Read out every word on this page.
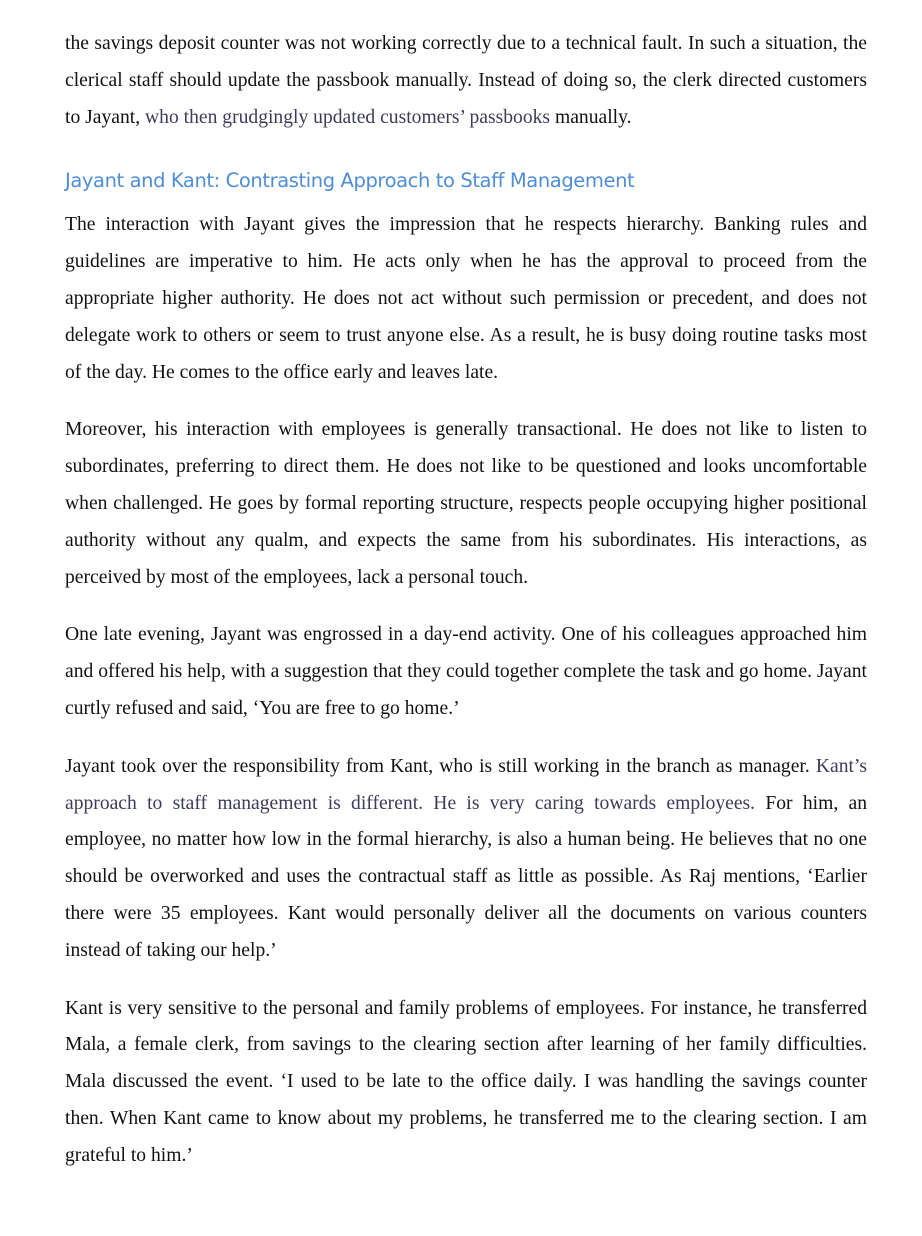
the savings deposit counter was not working correctly due to a technical fault. In such a situation, the clerical staff should update the passbook manually. Instead of doing so, the clerk directed customers to Jayant, who then grudgingly updated customers’ passbooks manually.

Jayant and Kant: Contrasting Approach to Staff Management

The interaction with Jayant gives the impression that he respects hierarchy. Banking rules and guidelines are imperative to him. He acts only when he has the approval to proceed from the appropriate higher authority. He does not act without such permission or precedent, and does not delegate work to others or seem to trust anyone else. As a result, he is busy doing routine tasks most of the day. He comes to the office early and leaves late.

Moreover, his interaction with employees is generally transactional. He does not like to listen to subordinates, preferring to direct them. He does not like to be questioned and looks uncomfortable when challenged. He goes by formal reporting structure, respects people occupying higher positional authority without any qualm, and expects the same from his subordinates. His interactions, as perceived by most of the employees, lack a personal touch.

One late evening, Jayant was engrossed in a day-end activity. One of his colleagues approached him and offered his help, with a suggestion that they could together complete the task and go home. Jayant curtly refused and said, ‘You are free to go home.’

Jayant took over the responsibility from Kant, who is still working in the branch as manager. Kant’s approach to staff management is different. He is very caring towards employees. For him, an employee, no matter how low in the formal hierarchy, is also a human being. He believes that no one should be overworked and uses the contractual staff as little as possible. As Raj mentions, ‘Earlier there were 35 employees. Kant would personally deliver all the documents on various counters instead of taking our help.’

Kant is very sensitive to the personal and family problems of employees. For instance, he transferred Mala, a female clerk, from savings to the clearing section after learning of her family difficulties. Mala discussed the event. ‘I used to be late to the office daily. I was handling the savings counter then. When Kant came to know about my problems, he transferred me to the clearing section. I am grateful to him.’
